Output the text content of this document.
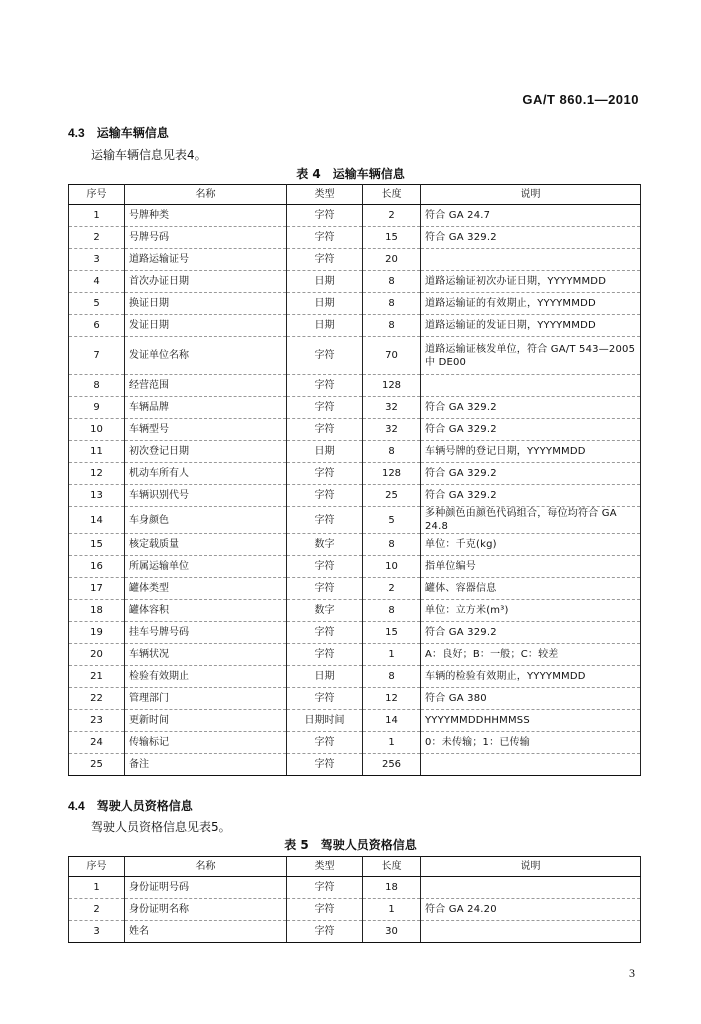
GA/T 860.1—2010
4.3 运输车辆信息
运输车辆信息见表4。
表 4　运输车辆信息
序号	名称	类型	长度	说明
1	号牌种类	字符	2	符合 GA 24.7
2	号牌号码	字符	15	符合 GA 329.2
3	道路运输证号	字符	20	
4	首次办证日期	日期	8	道路运输证初次办证日期，YYYYMMDD
5	换证日期	日期	8	道路运输证的有效期止，YYYYMMDD
6	发证日期	日期	8	道路运输证的发证日期，YYYYMMDD
7	发证单位名称	字符	70	道路运输证核发单位，符合 GA/T 543—2005 中 DE00
8	经营范围	字符	128	
9	车辆品牌	字符	32	符合 GA 329.2
10	车辆型号	字符	32	符合 GA 329.2
11	初次登记日期	日期	8	车辆号牌的登记日期，YYYYMMDD
12	机动车所有人	字符	128	符合 GA 329.2
13	车辆识别代号	字符	25	符合 GA 329.2
14	车身颜色	字符	5	多种颜色由颜色代码组合，每位均符合 GA 24.8
15	核定载质量	数字	8	单位：千克(kg)
16	所属运输单位	字符	10	指单位编号
17	罐体类型	字符	2	罐体、容器信息
18	罐体容积	数字	8	单位：立方米(m³)
19	挂车号牌号码	字符	15	符合 GA 329.2
20	车辆状况	字符	1	A：良好；B：一般；C：较差
21	检验有效期止	日期	8	车辆的检验有效期止，YYYYMMDD
22	管理部门	字符	12	符合 GA 380
23	更新时间	日期时间	14	YYYYMMDDHHMMSS
24	传输标记	字符	1	0：未传输；1：已传输
25	备注	字符	256	
4.4 驾驶人员资格信息
驾驶人员资格信息见表5。
表 5　驾驶人员资格信息
序号	名称	类型	长度	说明
1	身份证明号码	字符	18	
2	身份证明名称	字符	1	符合 GA 24.20
3	姓名	字符	30	
3
